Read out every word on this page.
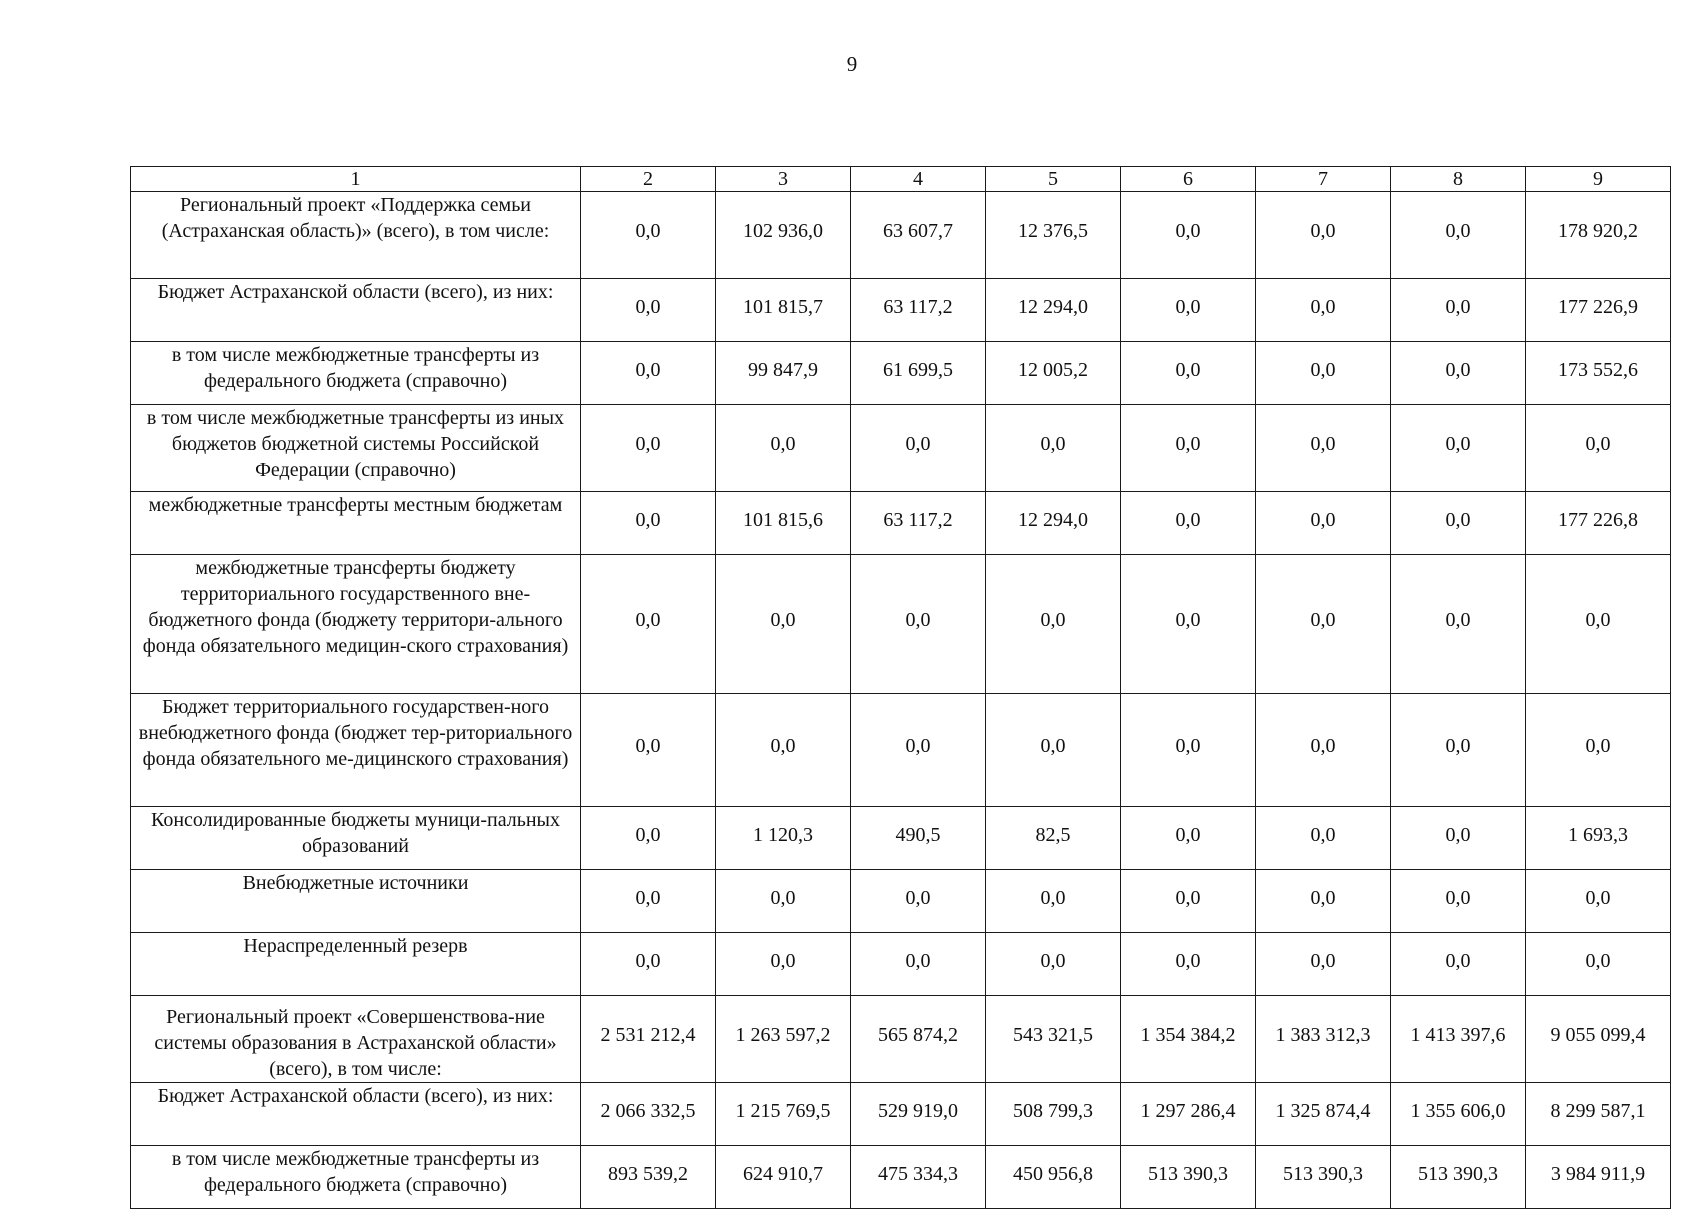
9
1	2	3	4	5	6	7	8	9
Региональный проект «Поддержка семьи (Астраханская область)» (всего), в том числе:	0,0	102 936,0	63 607,7	12 376,5	0,0	0,0	0,0	178 920,2
Бюджет Астраханской области (всего), из них:	0,0	101 815,7	63 117,2	12 294,0	0,0	0,0	0,0	177 226,9
в том числе межбюджетные трансферты из федерального бюджета (справочно)	0,0	99 847,9	61 699,5	12 005,2	0,0	0,0	0,0	173 552,6
в том числе межбюджетные трансферты из иных бюджетов бюджетной системы Российской Федерации (справочно)	0,0	0,0	0,0	0,0	0,0	0,0	0,0	0,0
межбюджетные трансферты местным бюджетам	0,0	101 815,6	63 117,2	12 294,0	0,0	0,0	0,0	177 226,8
межбюджетные трансферты бюджету территориального государственного вне-бюджетного фонда (бюджету территори-ального фонда обязательного медицин-ского страхования)	0,0	0,0	0,0	0,0	0,0	0,0	0,0	0,0
Бюджет территориального государствен-ного внебюджетного фонда (бюджет тер-риториального фонда обязательного ме-дицинского страхования)	0,0	0,0	0,0	0,0	0,0	0,0	0,0	0,0
Консолидированные бюджеты муници-пальных образований	0,0	1 120,3	490,5	82,5	0,0	0,0	0,0	1 693,3
Внебюджетные источники	0,0	0,0	0,0	0,0	0,0	0,0	0,0	0,0
Нераспределенный резерв	0,0	0,0	0,0	0,0	0,0	0,0	0,0	0,0
Региональный проект «Совершенствова-ние системы образования в Астраханской области» (всего), в том числе:	2 531 212,4	1 263 597,2	565 874,2	543 321,5	1 354 384,2	1 383 312,3	1 413 397,6	9 055 099,4
Бюджет Астраханской области (всего), из них:	2 066 332,5	1 215 769,5	529 919,0	508 799,3	1 297 286,4	1 325 874,4	1 355 606,0	8 299 587,1
в том числе межбюджетные трансферты из федерального бюджета (справочно)	893 539,2	624 910,7	475 334,3	450 956,8	513 390,3	513 390,3	513 390,3	3 984 911,9
